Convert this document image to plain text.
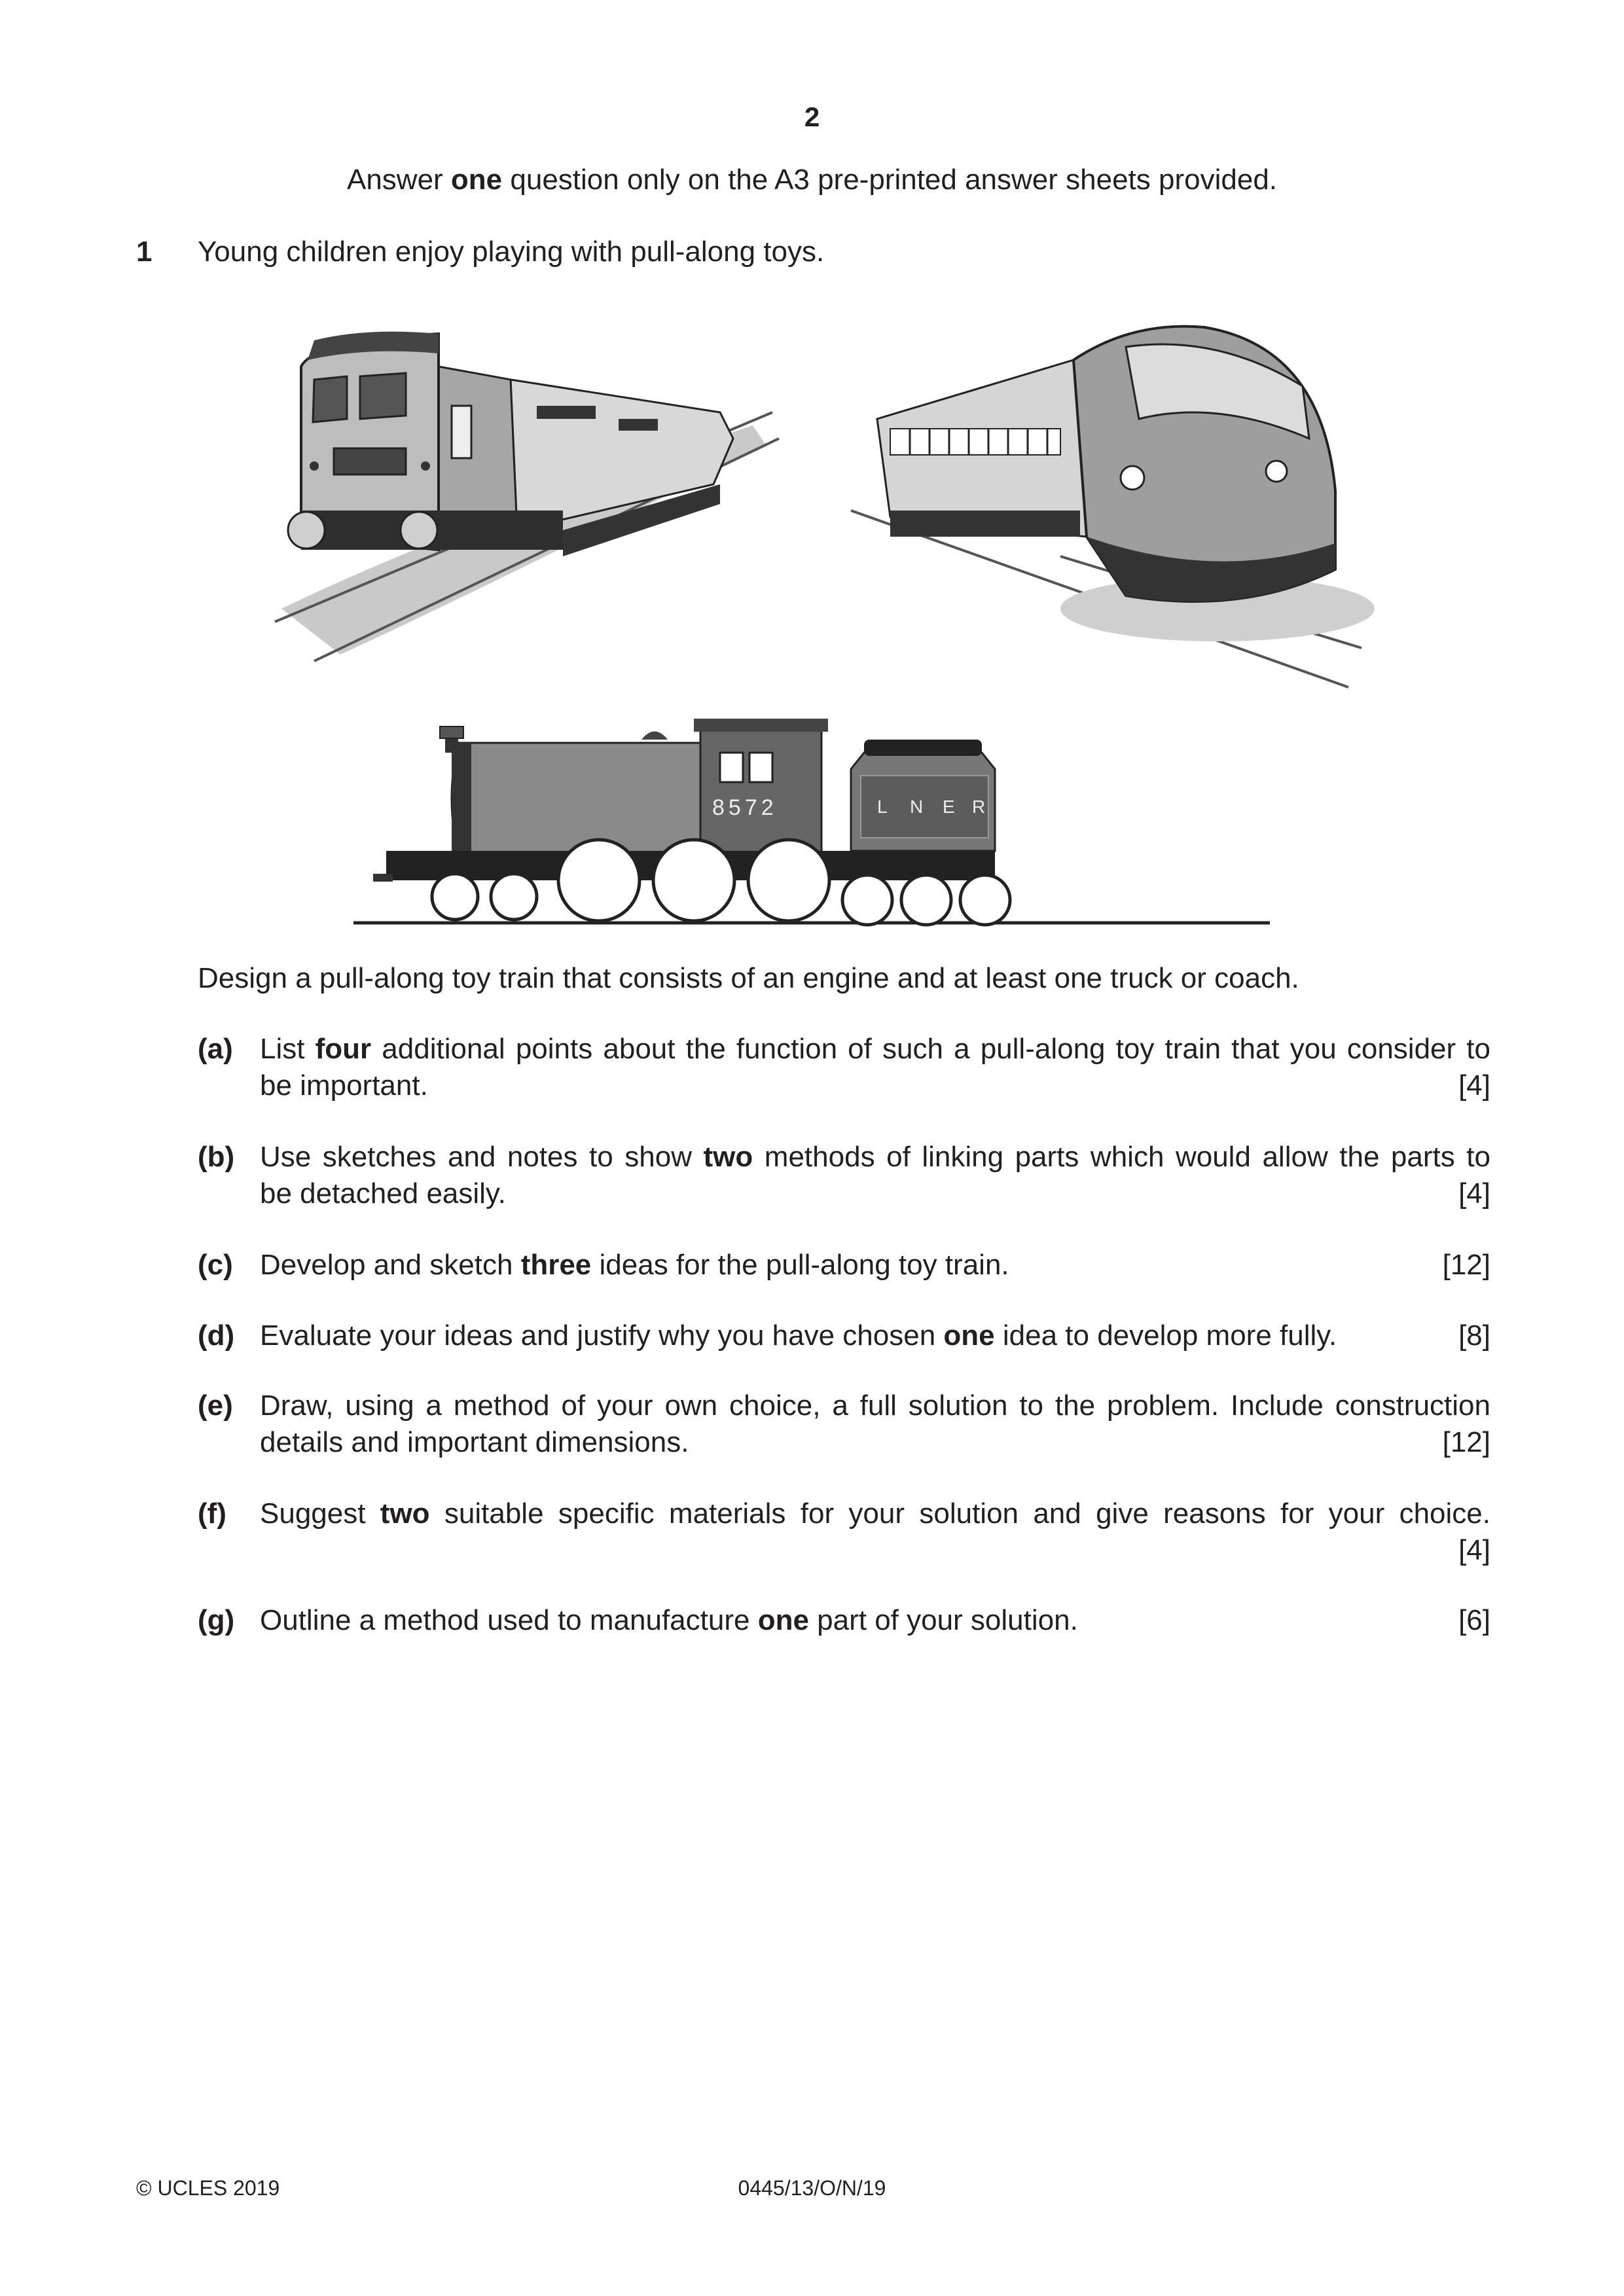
2
Answer one question only on the A3 pre-printed answer sheets provided.
1 Young children enjoy playing with pull-along toys.
8572	L N E R
Design a pull-along toy train that consists of an engine and at least one truck or coach.
(a) List four additional points about the function of such a pull-along toy train that you consider to
be important.	[4]
(b) Use sketches and notes to show two methods of linking parts which would allow the parts to
be detached easily.	[4]
(c) Develop and sketch three ideas for the pull-along toy train.	[12]
(d) Evaluate your ideas and justify why you have chosen one idea to develop more fully.	[8]
(e) Draw, using a method of your own choice, a full solution to the problem. Include construction
details and important dimensions.	[12]
(f) Suggest two suitable specific materials for your solution and give reasons for your choice.

[4]
(g) Outline a method used to manufacture one part of your solution.	[6]
© UCLES 2019	0445/13/O/N/19
